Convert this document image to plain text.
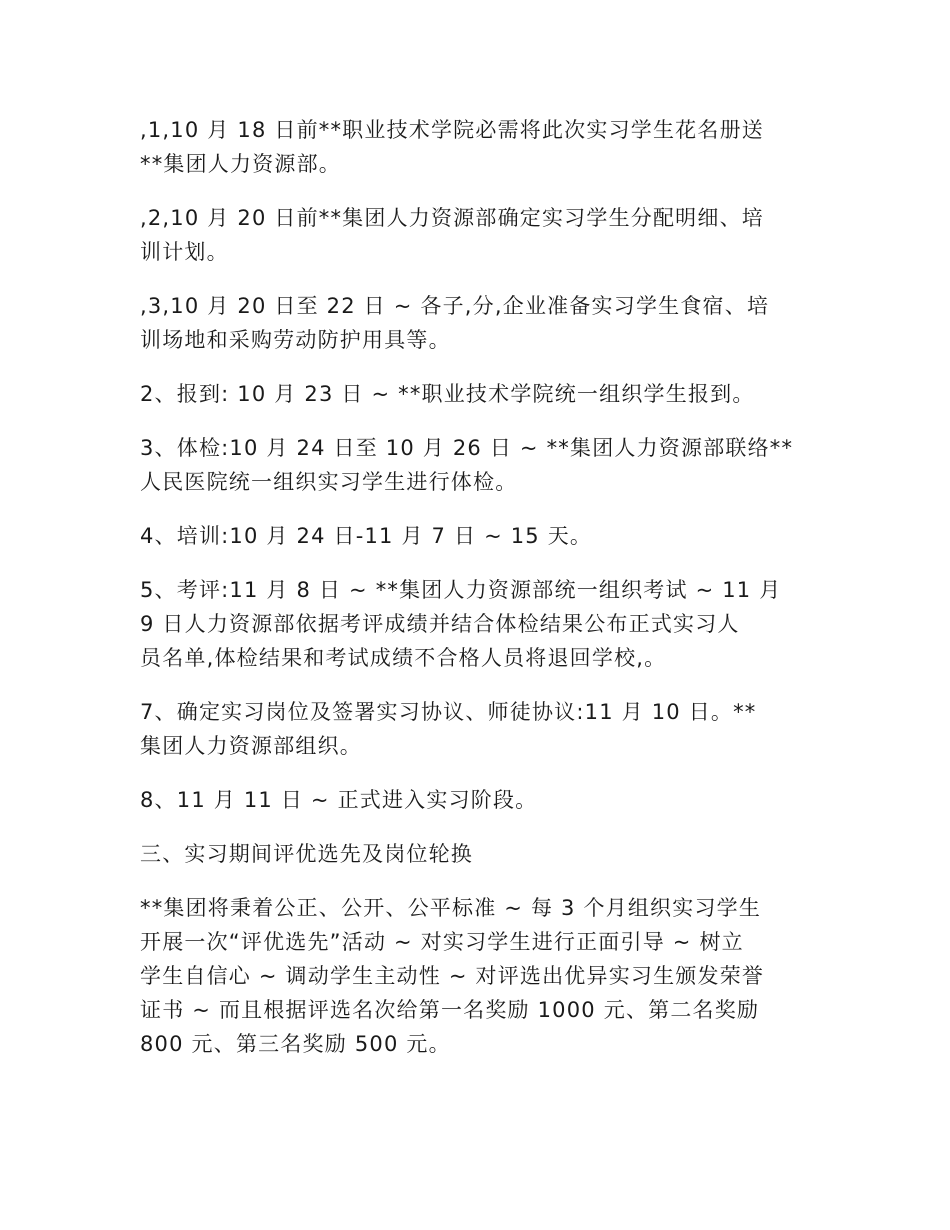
,1,10 月 18 日前**职业技术学院必需将此次实习学生花名册送
**集团人力资源部。

,2,10 月 20 日前**集团人力资源部确定实习学生分配明细、培
训计划。

,3,10 月 20 日至 22 日 ~ 各子,分,企业准备实习学生食宿、培
训场地和采购劳动防护用具等。

2、报到: 10 月 23 日 ~ **职业技术学院统一组织学生报到。

3、体检:10 月 24 日至 10 月 26 日 ~ **集团人力资源部联络**
人民医院统一组织实习学生进行体检。

4、培训:10 月 24 日-11 月 7 日 ~ 15 天。

5、考评:11 月 8 日 ~ **集团人力资源部统一组织考试 ~ 11 月
9 日人力资源部依据考评成绩并结合体检结果公布正式实习人
员名单,体检结果和考试成绩不合格人员将退回学校,。

7、确定实习岗位及签署实习协议、师徒协议:11 月 10 日。**
集团人力资源部组织。

8、11 月 11 日 ~ 正式进入实习阶段。

三、实习期间评优选先及岗位轮换

**集团将秉着公正、公开、公平标准 ~ 每 3 个月组织实习学生
开展一次“评优选先”活动 ~ 对实习学生进行正面引导 ~ 树立
学生自信心 ~ 调动学生主动性 ~ 对评选出优异实习生颁发荣誉
证书 ~ 而且根据评选名次给第一名奖励 1000 元、第二名奖励
800 元、第三名奖励 500 元。
